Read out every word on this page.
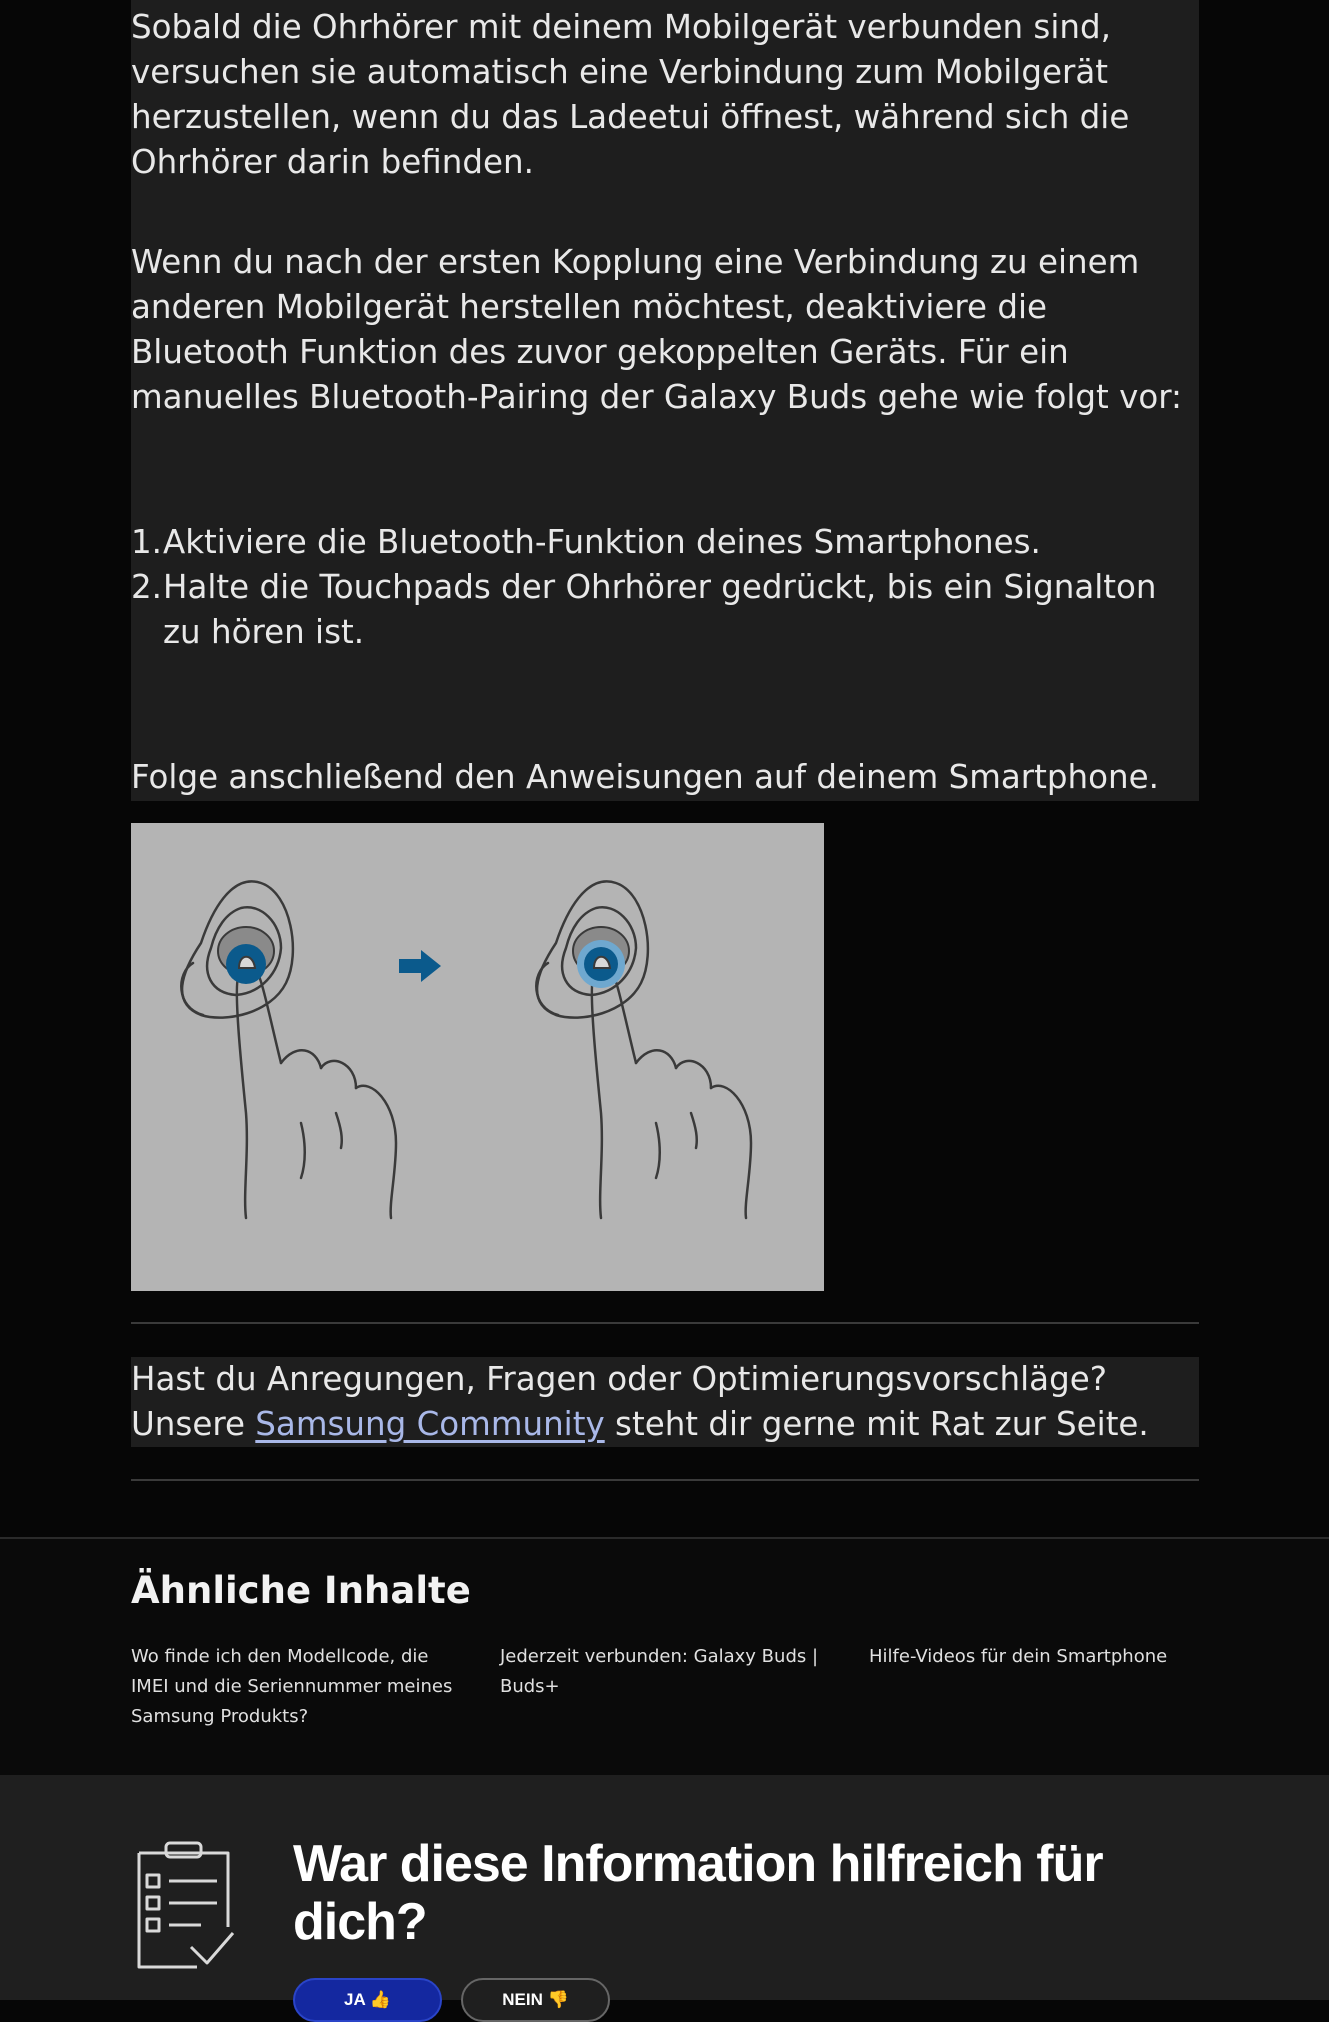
Sobald die Ohrhörer mit deinem Mobilgerät verbunden sind, versuchen sie automatisch eine Verbindung zum Mobilgerät herzustellen, wenn du das Ladeetui öffnest, während sich die Ohrhörer darin befinden.

Wenn du nach der ersten Kopplung eine Verbindung zu einem anderen Mobilgerät herstellen möchtest, deaktiviere die Bluetooth Funktion des zuvor gekoppelten Geräts. Für ein manuelles Bluetooth-Pairing der Galaxy Buds gehe wie folgt vor:

1. Aktiviere die Bluetooth-Funktion deines Smartphones.
2. Halte die Touchpads der Ohrhörer gedrückt, bis ein Signalton zu hören ist.

Folge anschließend den Anweisungen auf deinem Smartphone.

Hast du Anregungen, Fragen oder Optimierungsvorschläge? Unsere Samsung Community steht dir gerne mit Rat zur Seite.

Ähnliche Inhalte
Wo finde ich den Modellcode, die IMEI und die Seriennummer meines Samsung Produkts?
Jederzeit verbunden: Galaxy Buds | Buds+
Hilfe-Videos für dein Smartphone
War diese Information hilfreich für dich?
JA 👍	NEIN 👎
